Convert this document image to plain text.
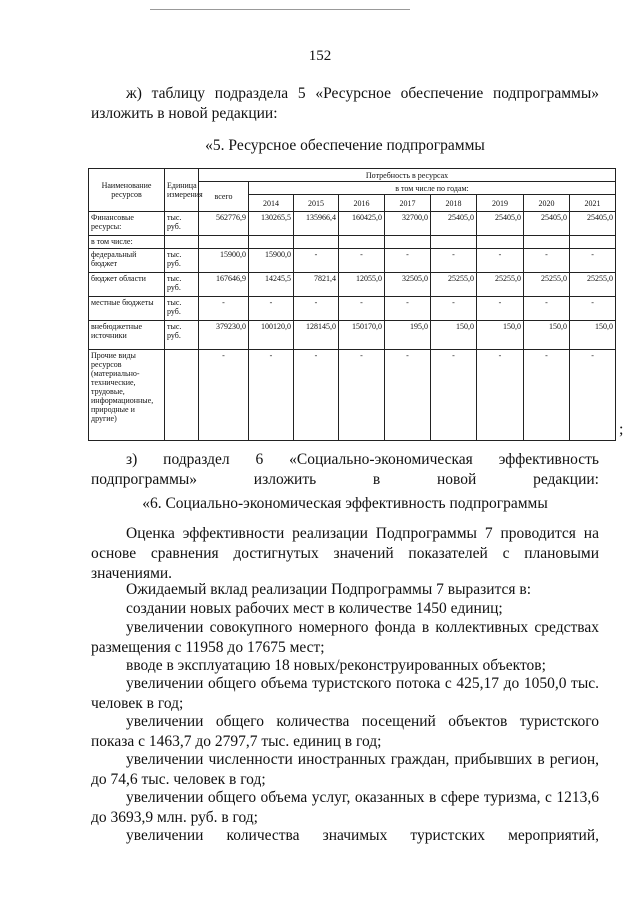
152
ж) таблицу подраздела 5 «Ресурсное обеспечение подпрограммы» изложить в новой редакции:
«5. Ресурсное обеспечение подпрограммы
Наименование ресурсов	Единица измерения	Потребность в ресурсах								
		всего	в том числе по годам:							
			2014	2015	2016	2017	2018	2019	2020	2021
Финансовые ресурсы:	тыс. руб.	562776,9	130265,5	135966,4	160425,0	32700,0	25405,0	25405,0	25405,0	25405,0
в том числе:										
федеральный бюджет	тыс. руб.	15900,0	15900,0	-	-	-	-	-	-	-
бюджет области	тыс. руб.	167646,9	14245,5	7821,4	12055,0	32505,0	25255,0	25255,0	25255,0	25255,0
местные бюджеты	тыс. руб.	-	-	-	-	-	-	-	-	-
внебюджетные источники	тыс. руб.	379230,0	100120,0	128145,0	150170,0	195,0	150,0	150,0	150,0	150,0
Прочие виды ресурсов (материально-технические, трудовые, информационные, природные и другие)		-	-	-	-	-	-	-	-	-
;
з) подраздел 6 «Социально-экономическая эффективность подпрограммы» изложить в новой редакции:
«6. Социально-экономическая эффективность подпрограммы
Оценка эффективности реализации Подпрограммы 7 проводится на основе сравнения достигнутых значений показателей с плановыми значениями.
Ожидаемый вклад реализации Подпрограммы 7 выразится в:
создании новых рабочих мест в количестве 1450 единиц;
увеличении совокупного номерного фонда в коллективных средствах размещения с 11958 до 17675 мест;
вводе в эксплуатацию 18 новых/реконструированных объектов;
увеличении общего объема туристского потока с 425,17 до 1050,0 тыс. человек в год;
увеличении общего количества посещений объектов туристского показа с 1463,7 до 2797,7 тыс. единиц в год;
увеличении численности иностранных граждан, прибывших в регион, до 74,6 тыс. человек в год;
увеличении общего объема услуг, оказанных в сфере туризма, с 1213,6 до 3693,9 млн. руб. в год;
увеличении количества значимых туристских мероприятий,
